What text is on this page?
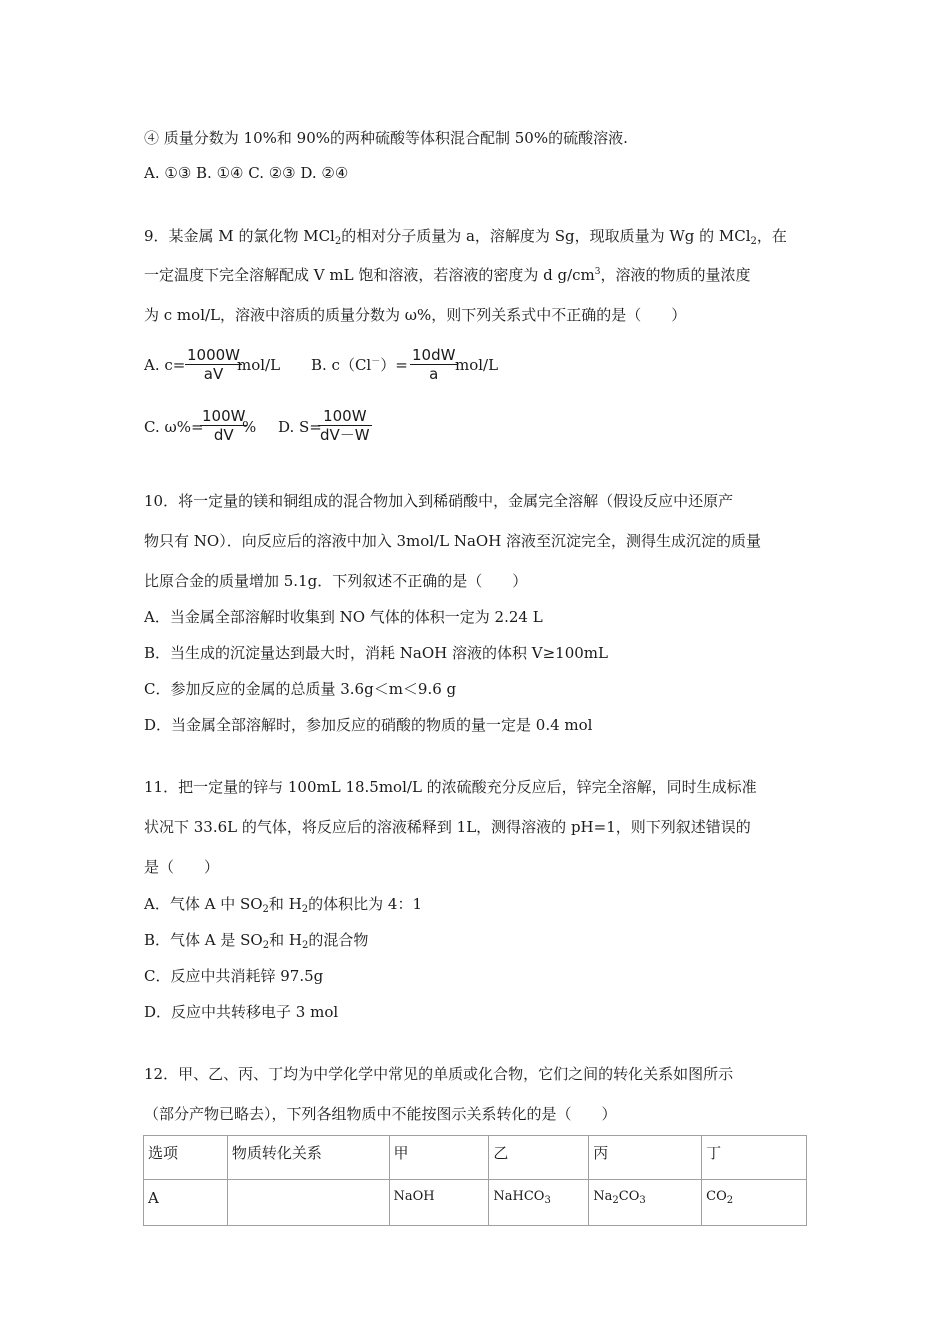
④ 质量分数为 10%和 90%的两种硫酸等体积混合配制 50%的硫酸溶液.
A. ①③ B. ①④ C. ②③ D. ②④
9．某金属 M 的氯化物 MCl$_2$的相对分子质量为 a，溶解度为 Sg，现取质量为 Wg 的 MCl$_2$，在
一定温度下完全溶解配成 V mL 饱和溶液，若溶液的密度为 d $g/cm^3$，溶液的物质的量浓度
为 c mol/L，溶液中溶质的质量分数为 ω%，则下列关系式中不正确的是（　　）
A. c=
1000W
aV mol/L B. c（Cl－）=
10dW
a mol/L
C. ω%=
100W
dV % D. S=
100W
dV－W
10．将一定量的镁和铜组成的混合物加入到稀硝酸中，金属完全溶解（假设反应中还原产
物只有 NO）．向反应后的溶液中加入 3mol/L NaOH 溶液至沉淀完全，测得生成沉淀的质量
比原合金的质量增加 5.1g．下列叙述不正确的是（　　）
A．当金属全部溶解时收集到 NO 气体的体积一定为 2.24 L
B．当生成的沉淀量达到最大时，消耗 NaOH 溶液的体积 V≥100mL
C．参加反应的金属的总质量 3.6g＜m＜9.6 g
D．当金属全部溶解时，参加反应的硝酸的物质的量一定是 0.4 mol
11．把一定量的锌与 100mL 18.5mol/L 的浓硫酸充分反应后，锌完全溶解，同时生成标准
状况下 33.6L 的气体，将反应后的溶液稀释到 1L，测得溶液的 pH=1，则下列叙述错误的
是（　　）
A．气体 A 中 $SO_2$和 $H_2$的体积比为 4：1
B．气体 A 是 $SO_2$和 $H_2$的混合物
C．反应中共消耗锌 97.5g
D．反应中共转移电子 3 mol
12．甲、乙、丙、丁均为中学化学中常见的单质或化合物，它们之间的转化关系如图所示
（部分产物已略去），下列各组物质中不能按图示关系转化的是（　　）
选项	物质转化关系	甲	乙	丙	丁
A		NaOH	NaHCO$_3$	$Na_2CO_3$	$CO_2$
